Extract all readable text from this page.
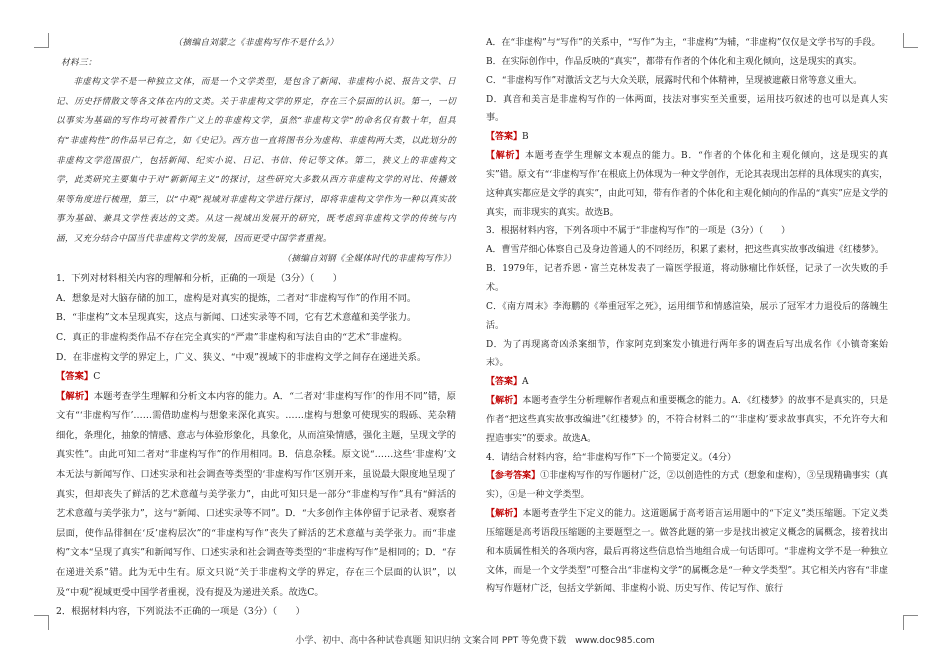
（摘编自刘蒙之《非虚构写作不是什么》）

材料三：

非虚构文学不是一种独立文体，而是一个文学类型，是包含了新闻、非虚构小说、报告文学、日记、历史抒情散文等各文体在内的文类。关于非虚构文学的界定，存在三个层面的认识。第一，一切以事实为基础的写作均可被看作广义上的非虚构文学，虽然“非虚构文学”的命名仅有数十年，但具有“非虚构性”的作品早已有之，如《史记》。西方也一直将图书分为虚构、非虚构两大类，以此划分的非虚构文学范围很广，包括新闻、纪实小说、日记、书信、传记等文体。第二，狭义上的非虚构文学，此类研究主要集中于对“新新闻主义”的探讨，这些研究大多数从西方非虚构文学的对比、传播效果等角度进行梳理，第三，以“中观”视域对非虚构文学进行探讨，即将非虚构文学作为一种以真实故事为基础、兼具文学性表达的文类。从这一视域出发展开的研究，既考虑到非虚构文学的传统与内涵，又充分结合中国当代非虚构文学的发展，因而更受中国学者重视。

（摘编自刘钢《全媒体时代的非虚构写作》）

1．下列对材料相关内容的理解和分析，正确的一项是（3分）（　　）

A．想象是对大脑存储的加工，虚构是对真实的提炼，二者对“非虚构写作”的作用不同。

B．“非虚构”文本呈现真实，这点与新闻、口述实录等不同，它有艺术意蕴和美学张力。

C．真正的非虚构类作品不存在完全真实的“严肃”非虚构和写法自由的“艺术”非虚构。

D．在非虚构文学的界定上，广义、狭义、“中观”视域下的非虚构文学之间存在递进关系。

【答案】C

【解析】本题考查学生理解和分析文本内容的能力。A．“二者对‘非虚构写作’的作用不同”错，原文有“‘非虚构写作’……需借助虚构与想象来深化真实。……虚构与想象可使现实的瑕砾、芜杂精细化，条理化，抽象的情感、意志与体验形象化，具象化，从而渲染情感，强化主题，呈现文学的真实性”。由此可知二者对“非虚构写作”的作用相同。B．信息杂糅。原文说“……这些‘非虚构’文本无法与新闻写作、口述实录和社会调查等类型的‘非虚构写作’区别开来，虽说最大限度地呈现了真实，但却丧失了鲜活的艺术意蕴与美学张力”，由此可知只是一部分“非虚构写作”具有“鲜活的艺术意蕴与美学张力”，这与“新闻、口述实录等不同”。D．“大多创作主体停留于记录者、观察者层面，使作品徘徊在‘反’虚构层次”的“非虚构写作”丧失了鲜活的艺术意蕴与美学张力。而“非虚构”文本“呈现了真实”和新闻写作、口述实录和社会调查等类型的“非虚构写作”是相同的；D．“存在递进关系”错。此为无中生有。原文只说“关于非虚构文学的界定，存在三个层面的认识”，以及“中观”视域更受中国学者重视，没有提及为递进关系。故选C。

2．根据材料内容，下列说法不正确的一项是（3分）（　　）

A．在“非虚构”与“写作”的关系中，“写作”为主，“非虚构”为辅，“非虚构”仅仅是文学书写的手段。

B．在实际创作中，作品反映的“真实”，都带有作者的个体化和主观化倾向，这是现实的真实。

C．“非虚构写作”对激活文艺与大众关联，展露时代和个体精神，呈现被遮蔽日常等意义重大。

D．真音和美言是非虚构写作的一体两面，技法对事实至关重要，运用技巧叙述的也可以是真人实事。

【答案】B

【解析】本题考查学生理解文本观点的能力。B．“作者的个体化和主观化倾向，这是现实的真实”错。原文有“‘非虚构写作’在根底上仍体现为一种文学创作，无论其表现出怎样的具体现实的真实，这种真实都应是文学的真实”，由此可知，带有作者的个体化和主观化倾向的作品的“真实”应是文学的真实，而非现实的真实。故选B。

3．根据材料内容，下列各项中不属于“非虚构写作”的一项是（3分）（　　）

A．曹雪芹细心体察自己及身边普通人的不同经历，积累了素材，把这些真实故事改编进《红楼梦》。

B．1979年，记者乔恩・富兰克林发表了一篇医学报道，将动脉瘤比作妖怪，记录了一次失败的手术。

C．《南方周末》李海鹏的《举重冠军之死》，运用细节和情感渲染，展示了冠军才力退役后的落魄生活。

D．为了再现离奇凶杀案细节，作家阿克到案发小镇进行两年多的调查后写出成名作《小镇奇案始末》。

【答案】A

【解析】本题考查学生分析理解作者观点和重要概念的能力。A．《红楼梦》的故事不是真实的，只是作者“把这些真实故事改编进”《红楼梦》的，不符合材料二的“‘非虚构’要求故事真实，不允许夸大和捏造事实”的要求。故选A。

4．请结合材料内容，给“非虚构写作”下一个简要定义。（4分）

【参考答案】①非虚构写作的写作题材广泛，②以创造性的方式（想象和虚构），③呈现精确事实（真实），④是一种文学类型。

【解析】本题考查学生下定义的能力。这道题属于高考语言运用题中的“下定义”类压缩题。下定义类压缩题是高考语段压缩题的主要题型之一。做答此题的第一步是找出被定义概念的属概念，接着找出和本质属性相关的各项内容，最后再将这些信息恰当地组合成一句话即可。“非虚构文学不是一种独立文体，而是一个文学类型”可整合出“非虚构文学”的属概念是“一种文学类型”。其它相关内容有“非虚构写作题材广泛，包括文学新闻、非虚构小说、历史写作、传记写作、旅行

小学、初中、高中各种试卷真题 知识归纳 文案合同 PPT 等免费下载　www.doc985.com
